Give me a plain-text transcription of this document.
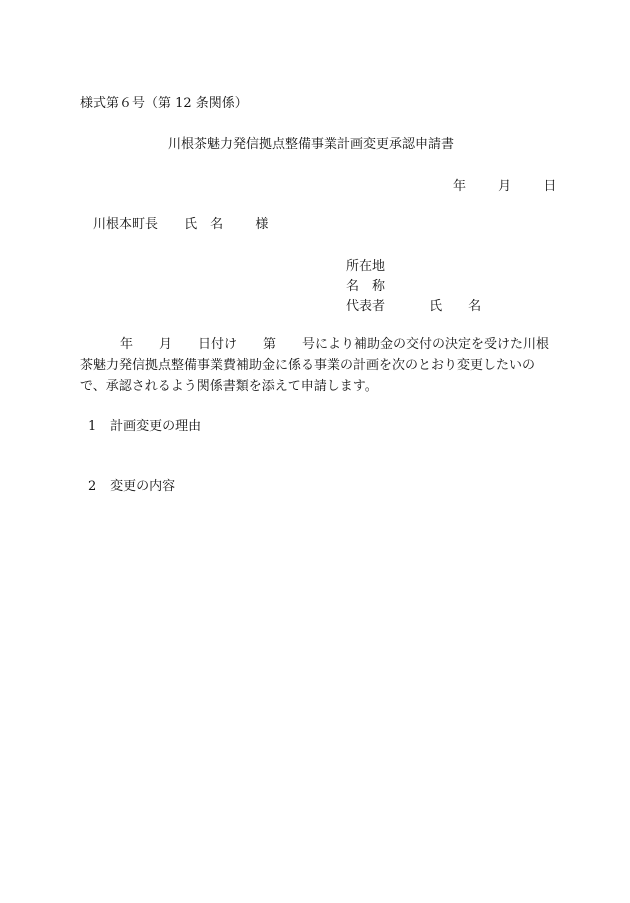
様式第６号（第 12 条関係）
川根茶魅力発信拠点整備事業計画変更承認申請書
年 月 日
川根本町長 氏　名 様
所在地
名　称
代表者	氏　　名
年　　月　　日付け　　第　　号により補助金の交付の決定を受けた川根茶魅力発信拠点整備事業費補助金に係る事業の計画を次のとおり変更したいので、承認されるよう関係書類を添えて申請します。
1 計画変更の理由
2 変更の内容
